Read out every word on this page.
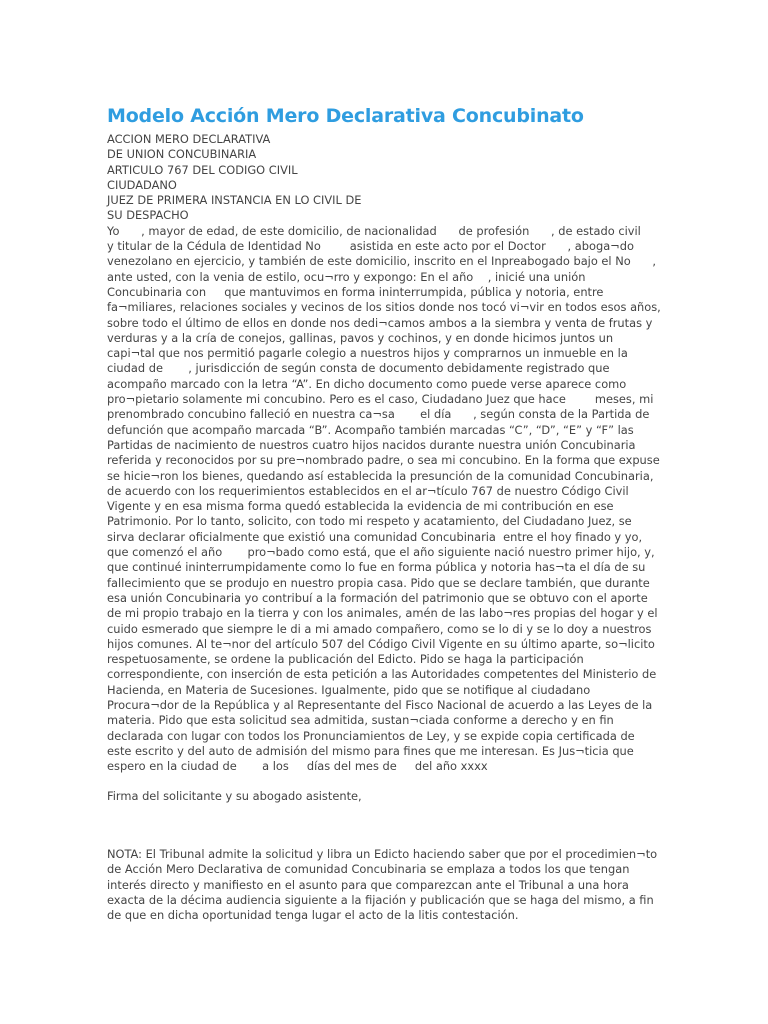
Modelo Acción Mero Declarativa Concubinato
ACCION MERO DECLARATIVA
DE UNION CONCUBINARIA
ARTICULO 767 DEL CODIGO CIVIL
CIUDADANO
JUEZ DE PRIMERA INSTANCIA EN LO CIVIL DE
SU DESPACHO

Yo      , mayor de edad, de este domicilio, de nacionalidad      de profesión      , de estado civil       y titular de la Cédula de Identidad No        asistida en este acto por el Doctor      , aboga¬do venezolano en ejercicio, y también de este domicilio, inscrito en el Inpreabogado bajo el No      , ante usted, con la venia de estilo, ocu¬rro y expongo: En el año    , inicié una unión Concubinaria con     que mantuvimos en forma ininterrumpida, pública y notoria, entre fa¬miliares, relaciones sociales y vecinos de los sitios donde nos tocó vi¬vir en todos esos años, sobre todo el último de ellos en donde nos dedi¬camos ambos a la siembra y venta de frutas y verduras y a la cría de conejos, gallinas, pavos y cochinos, y en donde hicimos juntos un capi¬tal que nos permitió pagarle colegio a nuestros hijos y comprarnos un inmueble en la ciudad de       , jurisdicción de según consta de documento debidamente registrado que acompaño marcado con la letra “A”. En dicho documento como puede verse aparece como pro¬pietario solamente mi concubino. Pero es el caso, Ciudadano Juez que hace        meses, mi prenombrado concubino falleció en nuestra ca¬sa       el día      , según consta de la Partida de defunción que acompaño marcada “B”. Acompaño también marcadas “C”, “D”, “E” y “F” las Partidas de nacimiento de nuestros cuatro hijos nacidos durante nuestra unión Concubinaria referida y reconocidos por su pre¬nombrado padre, o sea mi concubino. En la forma que expuse se hicie¬ron los bienes, quedando así establecida la presunción de la comunidad Concubinaria, de acuerdo con los requerimientos establecidos en el ar¬tículo 767 de nuestro Código Civil Vigente y en esa misma forma quedó establecida la evidencia de mi contribución en ese Patrimonio. Por lo tanto, solicito, con todo mi respeto y acatamiento, del Ciudadano Juez, se sirva declarar oficialmente que existió una comunidad Concubinaria  entre el hoy finado y yo, que comenzó el año       pro¬bado como está, que el año siguiente nació nuestro primer hijo, y, que continué ininterrumpidamente como lo fue en forma pública y notoria has¬ta el día de su fallecimiento que se produjo en nuestro propia casa. Pido que se declare también, que durante esa unión Concubinaria yo contribuí a la formación del patrimonio que se obtuvo con el aporte de mi propio trabajo en la tierra y con los animales, amén de las labo¬res propias del hogar y el cuido esmerado que siempre le di a mi amado compañero, como se lo di y se lo doy a nuestros hijos comunes. Al te¬nor del artículo 507 del Código Civil Vigente en su último aparte, so¬licito respetuosamente, se ordene la publicación del Edicto. Pido se haga la participación correspondiente, con inserción de esta petición a las Autoridades competentes del Ministerio de Hacienda, en Materia de Sucesiones. Igualmente, pido que se notifique al ciudadano Procura¬dor de la República y al Representante del Fisco Nacional de acuerdo a las Leyes de la materia. Pido que esta solicitud sea admitida, sustan¬ciada conforme a derecho y en fin declarada con lugar con todos los Pronunciamientos de Ley, y se expide copia certificada de este escrito y del auto de admisión del mismo para fines que me interesan. Es Jus¬ticia que  espero en la ciudad de       a los     días del mes de     del año xxxx

Firma del solicitante y su abogado asistente,

NOTA: El Tribunal admite la solicitud y libra un Edicto haciendo saber que por el procedimien¬to de Acción Mero Declarativa de comunidad Concubinaria se emplaza a todos los que tengan interés directo y manifiesto en el asunto para que comparezcan ante el Tribunal a una hora exacta de la décima audiencia siguiente a la fijación y publicación que se haga del mismo, a fin de que en dicha oportunidad tenga lugar el acto de la litis contestación.
